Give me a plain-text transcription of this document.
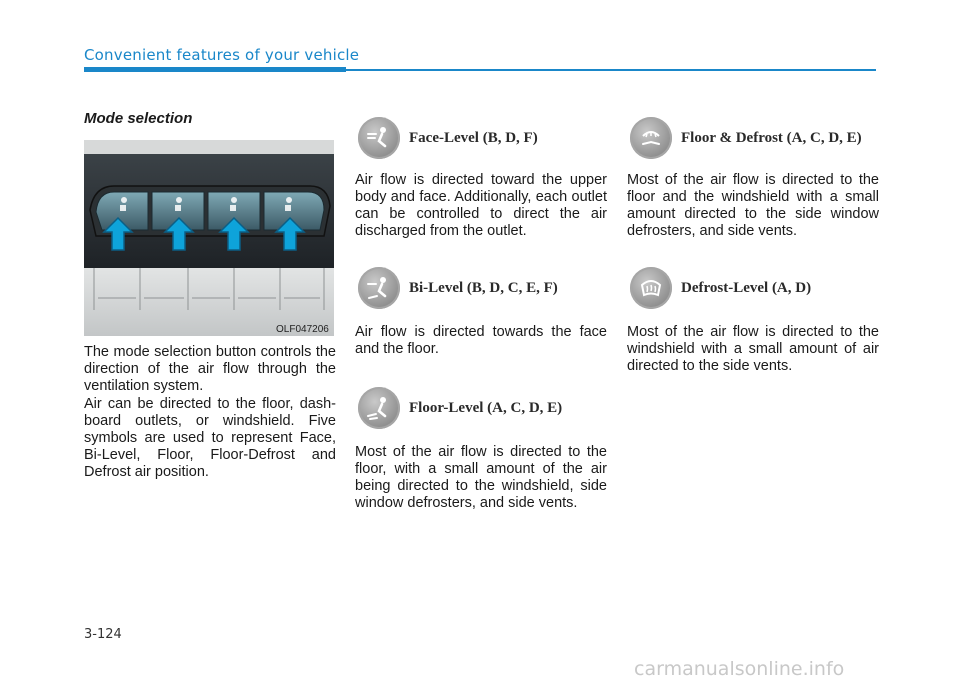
Convenient features of your vehicle
Mode selection
OLF047206

The mode selection button controls the direction of the air flow through the ventilation system.

Air can be directed to the floor, dash-board outlets, or windshield. Five symbols are used to represent Face, Bi-Level, Floor, Floor-Defrost and Defrost air position.

Face-Level (B, D, F)

Air flow is directed toward the upper body and face. Additionally, each outlet can be controlled to direct the air discharged from the outlet.

Bi-Level (B, D, C, E, F)

Air flow is directed towards the face and the floor.

Floor-Level (A, C, D, E)

Most of the air flow is directed to the floor, with a small amount of the air being directed to the windshield, side window defrosters, and side vents.

Floor & Defrost (A, C, D, E)

Most of the air flow is directed to the floor and the windshield with a small amount directed to the side window defrosters, and side vents.

Defrost-Level (A, D)

Most of the air flow is directed to the windshield with a small amount of air directed to the side vents.

3-124
carmanualsonline.info
